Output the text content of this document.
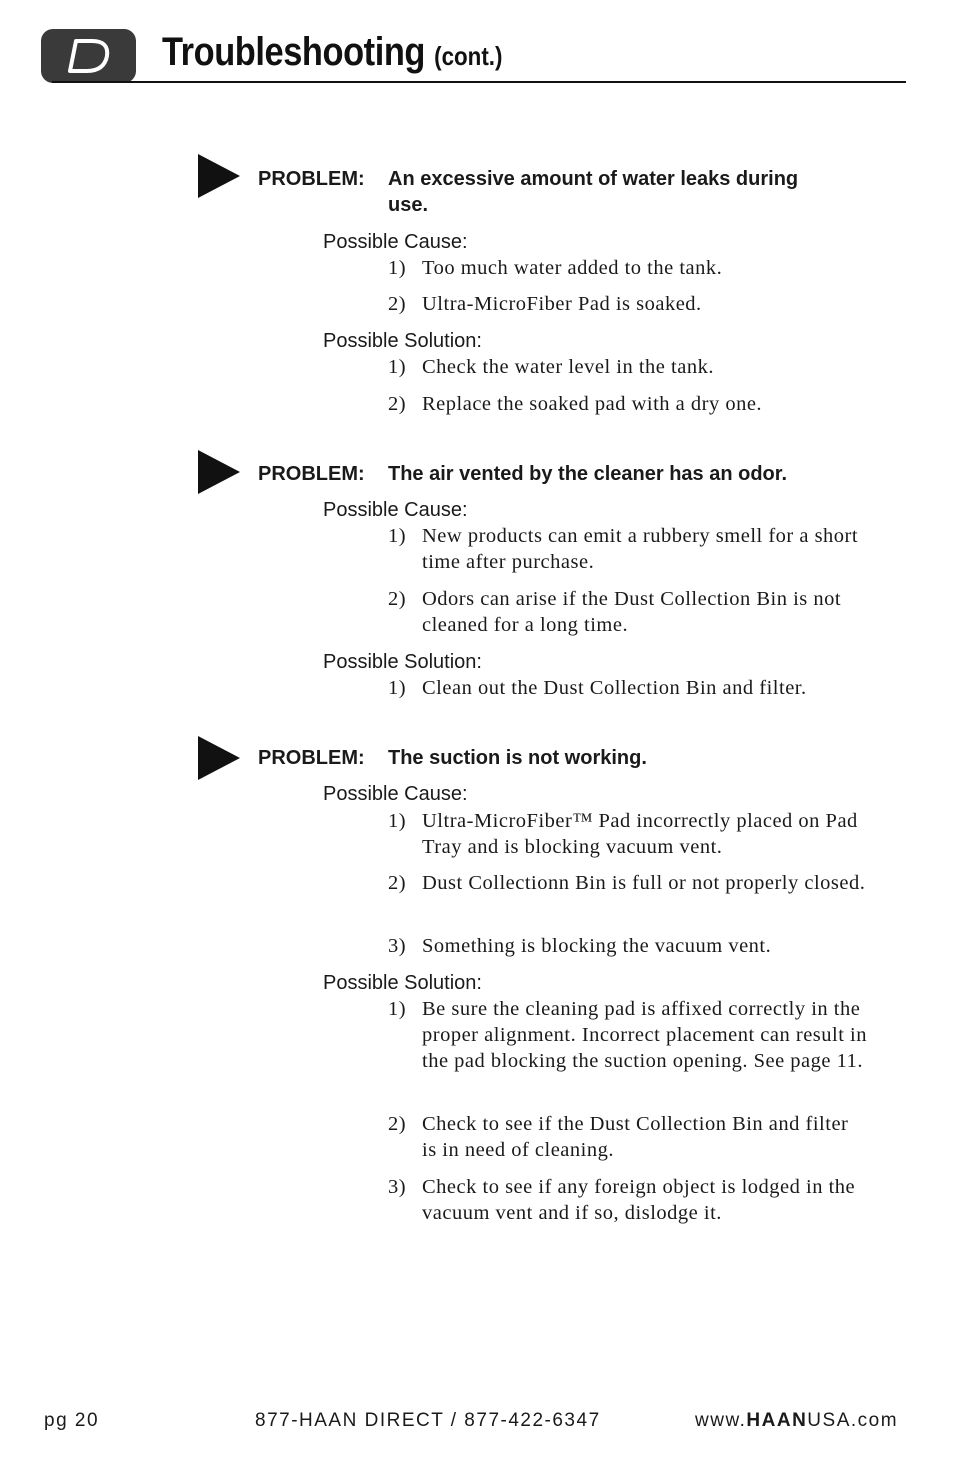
Troubleshooting (cont.)
PROBLEM: An excessive amount of water leaks during use.
Possible Cause:
1) Too much water added to the tank.
2) Ultra-MicroFiber Pad is soaked.
Possible Solution:
1) Check the water level in the tank.
2) Replace the soaked pad with a dry one.
PROBLEM: The air vented by the cleaner has an odor.
Possible Cause:
1) New products can emit a rubbery smell for a short time after purchase.
2) Odors can arise if the Dust Collection Bin is not cleaned for a long time.
Possible Solution:
1) Clean out the Dust Collection Bin and filter.
PROBLEM: The suction is not working.
Possible Cause:
1) Ultra-MicroFiber™ Pad incorrectly placed on Pad Tray and is blocking vacuum vent.
2) Dust Collectionn Bin is full or not properly closed.
3) Something is blocking the vacuum vent.
Possible Solution:
1) Be sure the cleaning pad is affixed correctly in the proper alignment. Incorrect placement can result in the pad blocking the suction opening. See page 11.
2) Check to see if the Dust Collection Bin and filter is in need of cleaning.
3) Check to see if any foreign object is lodged in the vacuum vent and if so, dislodge it.
pg 20	877-HAAN DIRECT / 877-422-6347	www.HAANUSA.com
